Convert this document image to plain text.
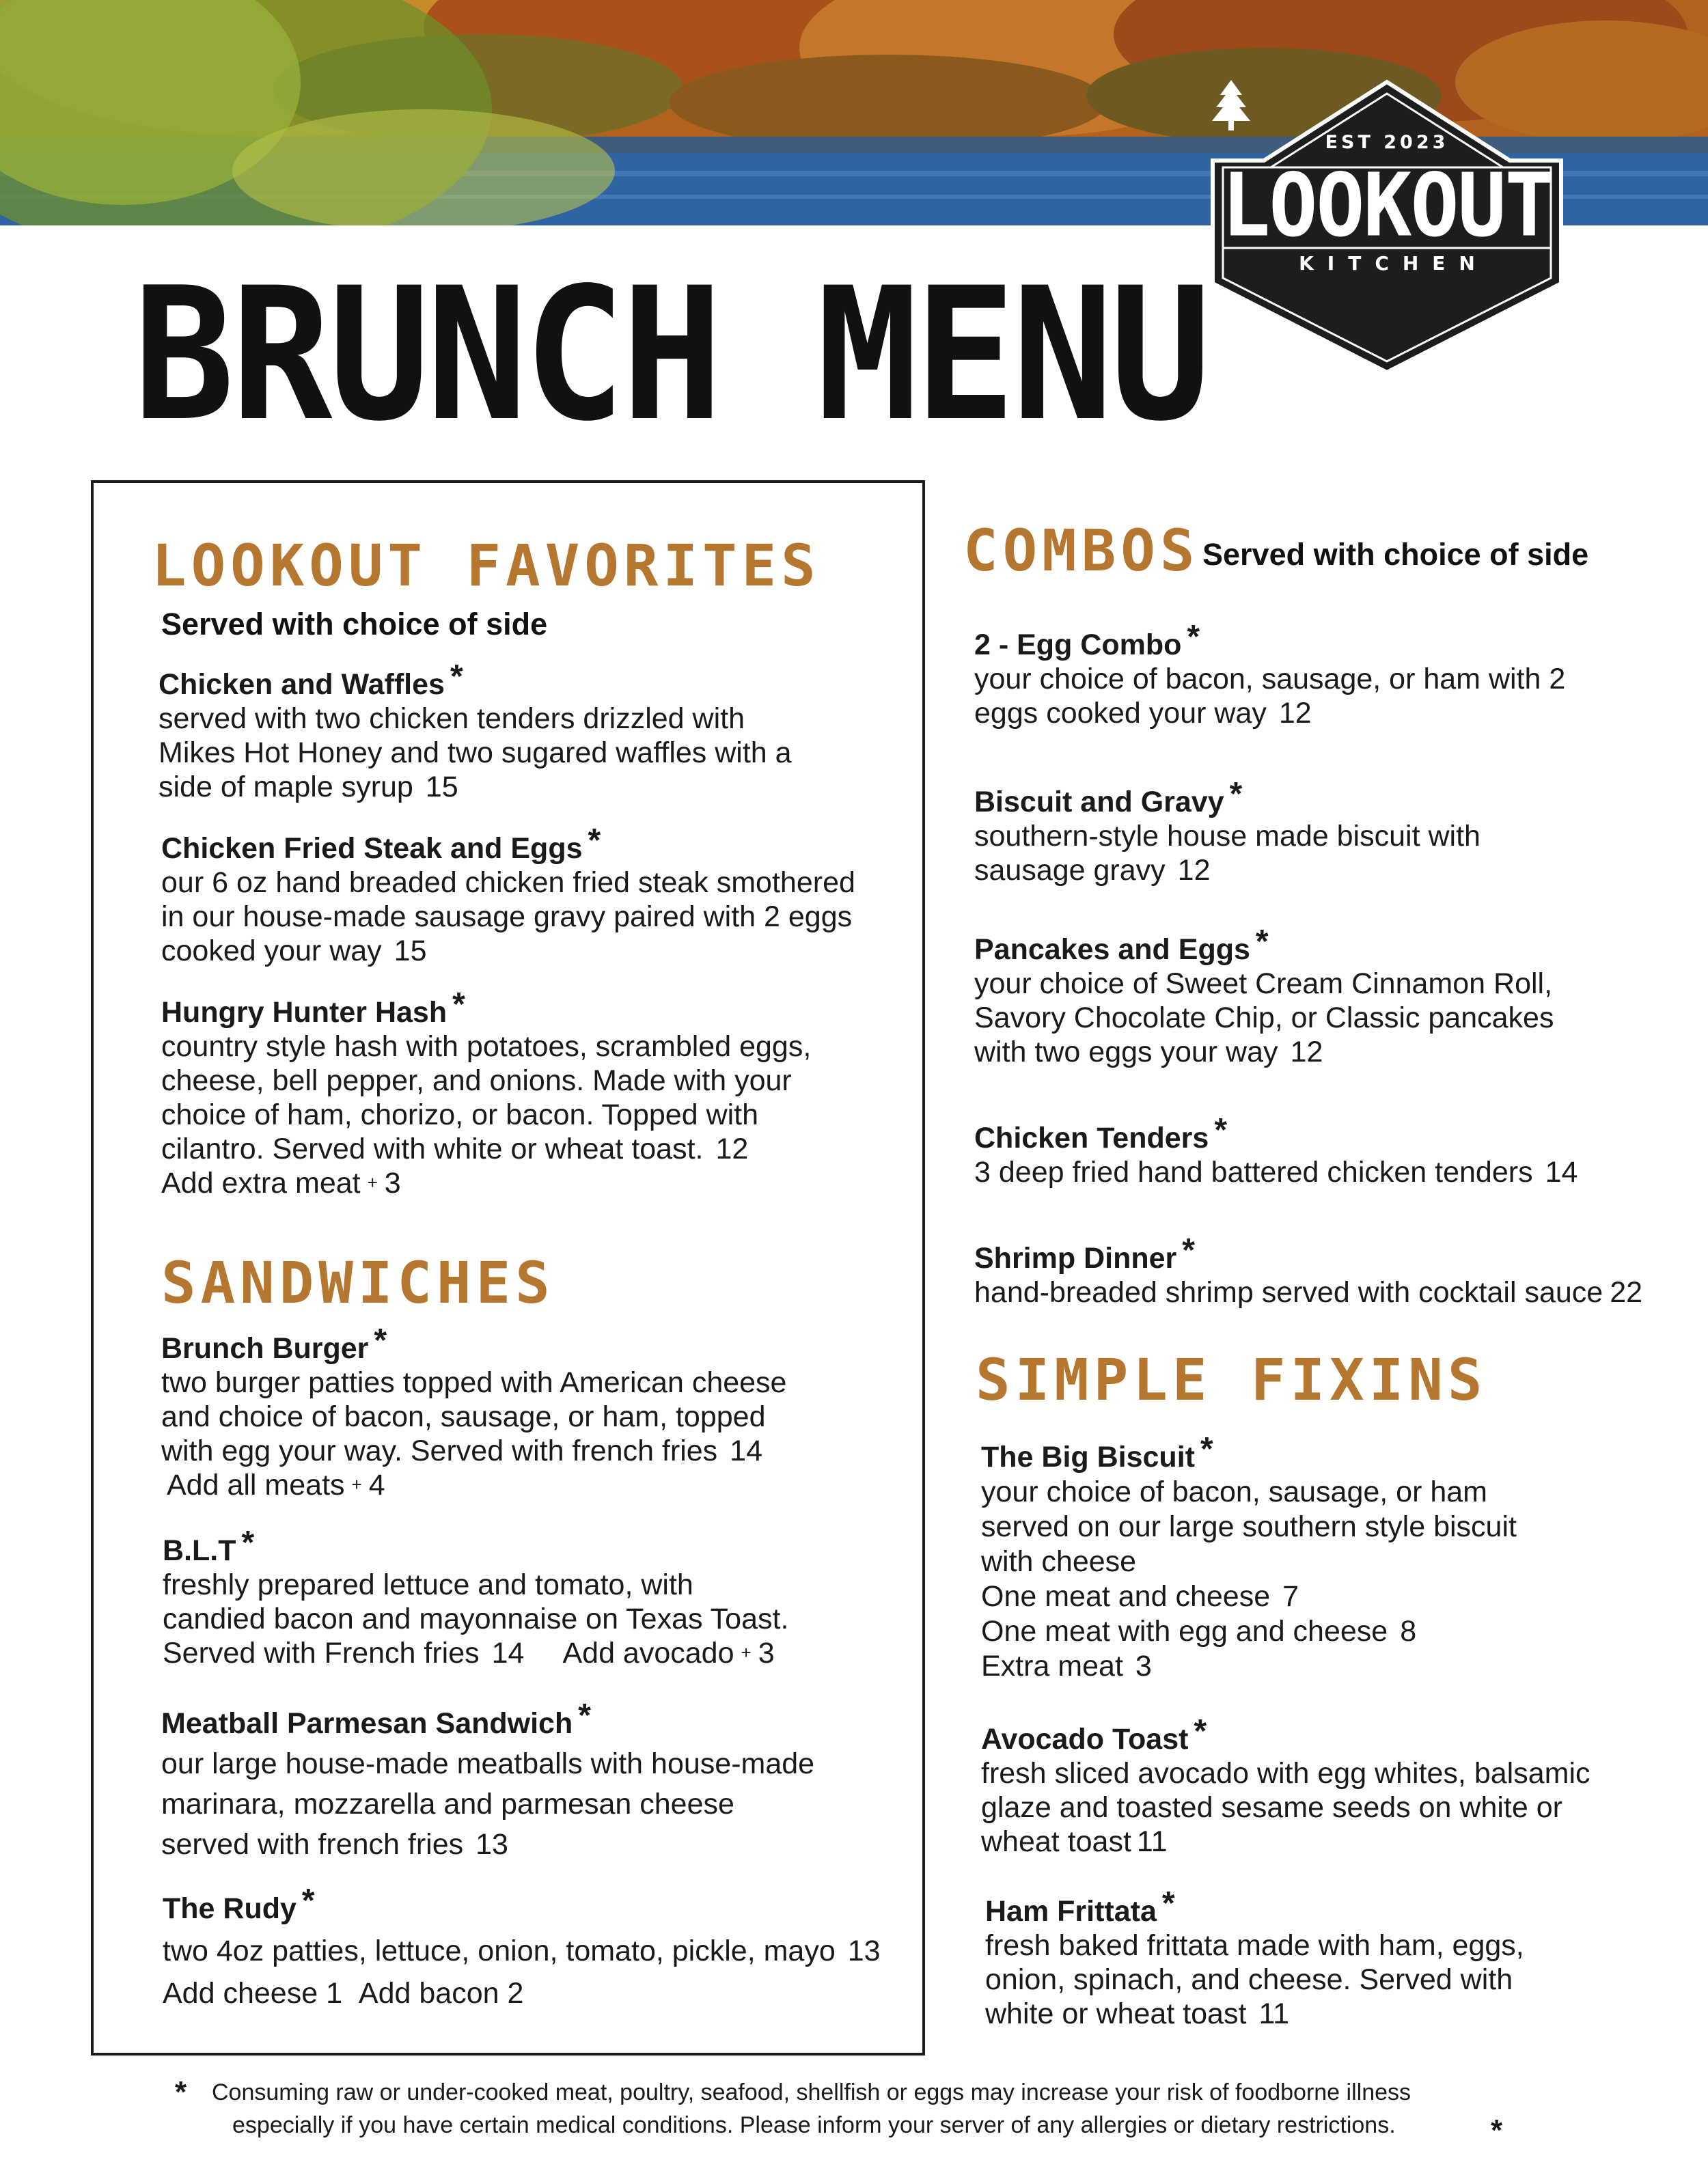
EST 2023
LOOKOUT
KITCHEN
BRUNCH MENU
LOOKOUT FAVORITES
Served with choice of side
Chicken and Waffles *
served with two chicken tenders drizzled with
Mikes Hot Honey and two sugared waffles with a
side of maple syrup 15
Chicken Fried Steak and Eggs *
our 6 oz hand breaded chicken fried steak smothered
in our house-made sausage gravy paired with 2 eggs
cooked your way 15
Hungry Hunter Hash *
country style hash with potatoes, scrambled eggs,
cheese, bell pepper, and onions. Made with your
choice of ham, chorizo, or bacon. Topped with
cilantro. Served with white or wheat toast. 12
Add extra meat + 3
SANDWICHES
Brunch Burger *
two burger patties topped with American cheese
and choice of bacon, sausage, or ham, topped
with egg your way. Served with french fries 14
Add all meats + 4
B.L.T *
freshly prepared lettuce and tomato, with
candied bacon and mayonnaise on Texas Toast.
Served with French fries 14 Add avocado + 3
Meatball Parmesan Sandwich *
our large house-made meatballs with house-made
marinara, mozzarella and parmesan cheese
served with french fries 13
The Rudy *
two 4oz patties, lettuce, onion, tomato, pickle, mayo 13
Add cheese 1 Add bacon 2
COMBOS Served with choice of side
2 - Egg Combo *
your choice of bacon, sausage, or ham with 2
eggs cooked your way 12
Biscuit and Gravy *
southern-style house made biscuit with
sausage gravy 12
Pancakes and Eggs *
your choice of Sweet Cream Cinnamon Roll,
Savory Chocolate Chip, or Classic pancakes
with two eggs your way 12
Chicken Tenders *
3 deep fried hand battered chicken tenders 14
Shrimp Dinner *
hand-breaded shrimp served with cocktail sauce 22
SIMPLE FIXINS
The Big Biscuit *
your choice of bacon, sausage, or ham
served on our large southern style biscuit
with cheese
One meat and cheese 7
One meat with egg and cheese 8
Extra meat 3
Avocado Toast *
fresh sliced avocado with egg whites, balsamic
glaze and toasted sesame seeds on white or
wheat toast 11
Ham Frittata *
fresh baked frittata made with ham, eggs,
onion, spinach, and cheese. Served with
white or wheat toast 11
* Consuming raw or under-cooked meat, poultry, seafood, shellfish or eggs may increase your risk of foodborne illness
especially if you have certain medical conditions. Please inform your server of any allergies or dietary restrictions.	*
